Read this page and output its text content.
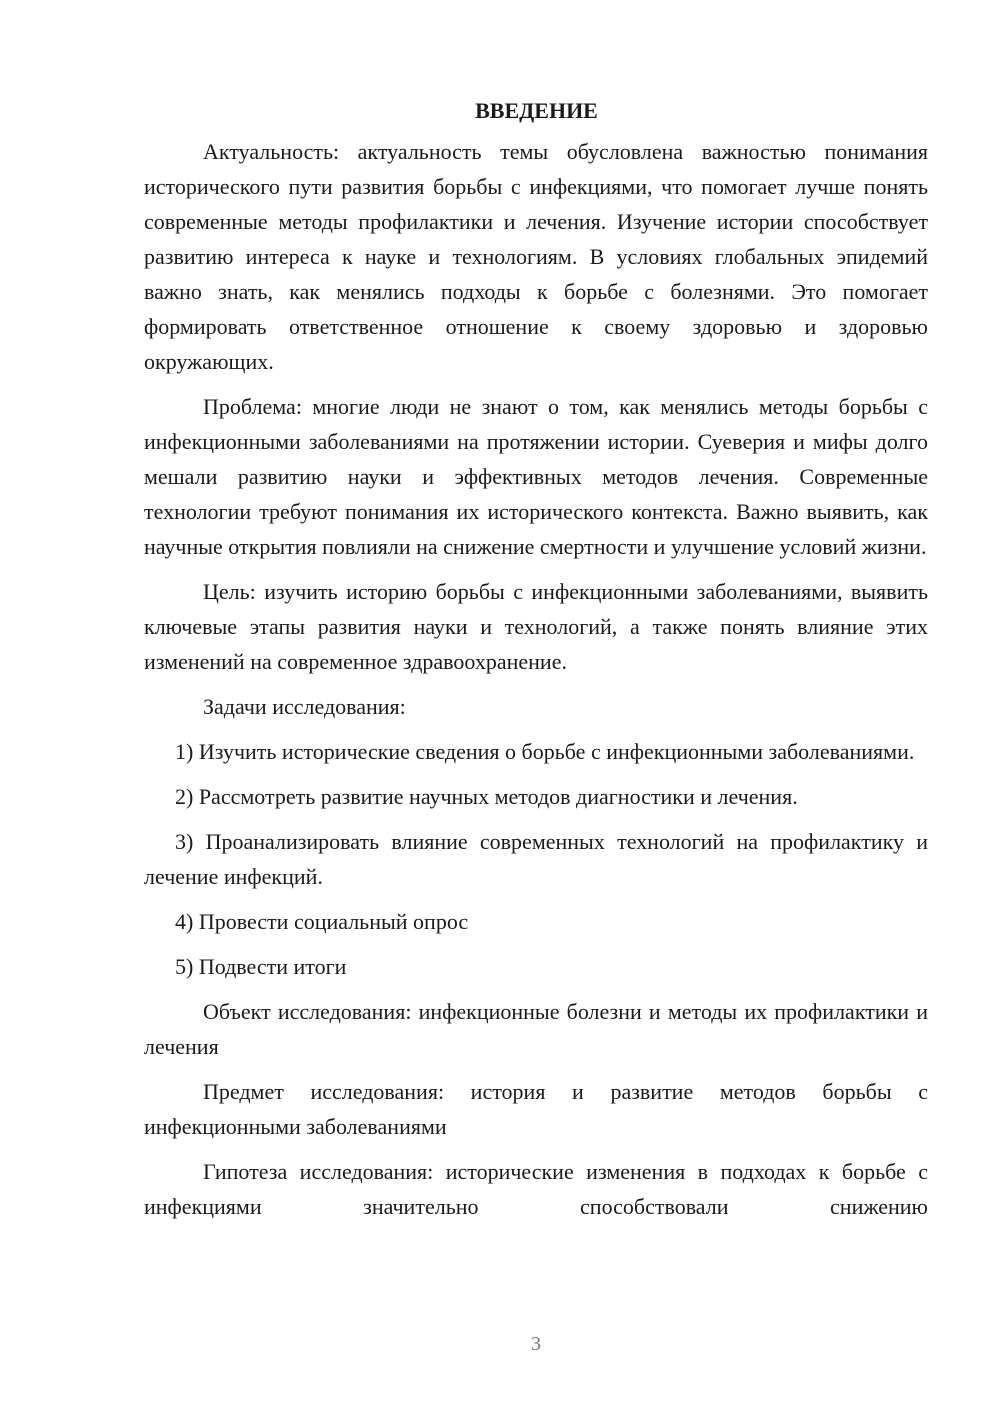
ВВЕДЕНИЕ

Актуальность: актуальность темы обусловлена важностью понимания исторического пути развития борьбы с инфекциями, что помогает лучше понять современные методы профилактики и лечения. Изучение истории способствует развитию интереса к науке и технологиям. В условиях глобальных эпидемий важно знать, как менялись подходы к борьбе с болезнями. Это помогает формировать ответственное отношение к своему здоровью и здоровью окружающих.

Проблема: многие люди не знают о том, как менялись методы борьбы с инфекционными заболеваниями на протяжении истории. Суеверия и мифы долго мешали развитию науки и эффективных методов лечения. Современные технологии требуют понимания их исторического контекста. Важно выявить, как научные открытия повлияли на снижение смертности и улучшение условий жизни.

Цель: изучить историю борьбы с инфекционными заболеваниями, выявить ключевые этапы развития науки и технологий, а также понять влияние этих изменений на современное здравоохранение.

Задачи исследования:

1) Изучить исторические сведения о борьбе с инфекционными заболеваниями.

2) Рассмотреть развитие научных методов диагностики и лечения.

3) Проанализировать влияние современных технологий на профилактику и лечение инфекций.

4) Провести социальный опрос

5) Подвести итоги

Объект исследования: инфекционные болезни и методы их профилактики и лечения

Предмет исследования: история и развитие методов борьбы с инфекционными заболеваниями

Гипотеза исследования: исторические изменения в подходах к борьбе с инфекциями значительно способствовали снижению

3
